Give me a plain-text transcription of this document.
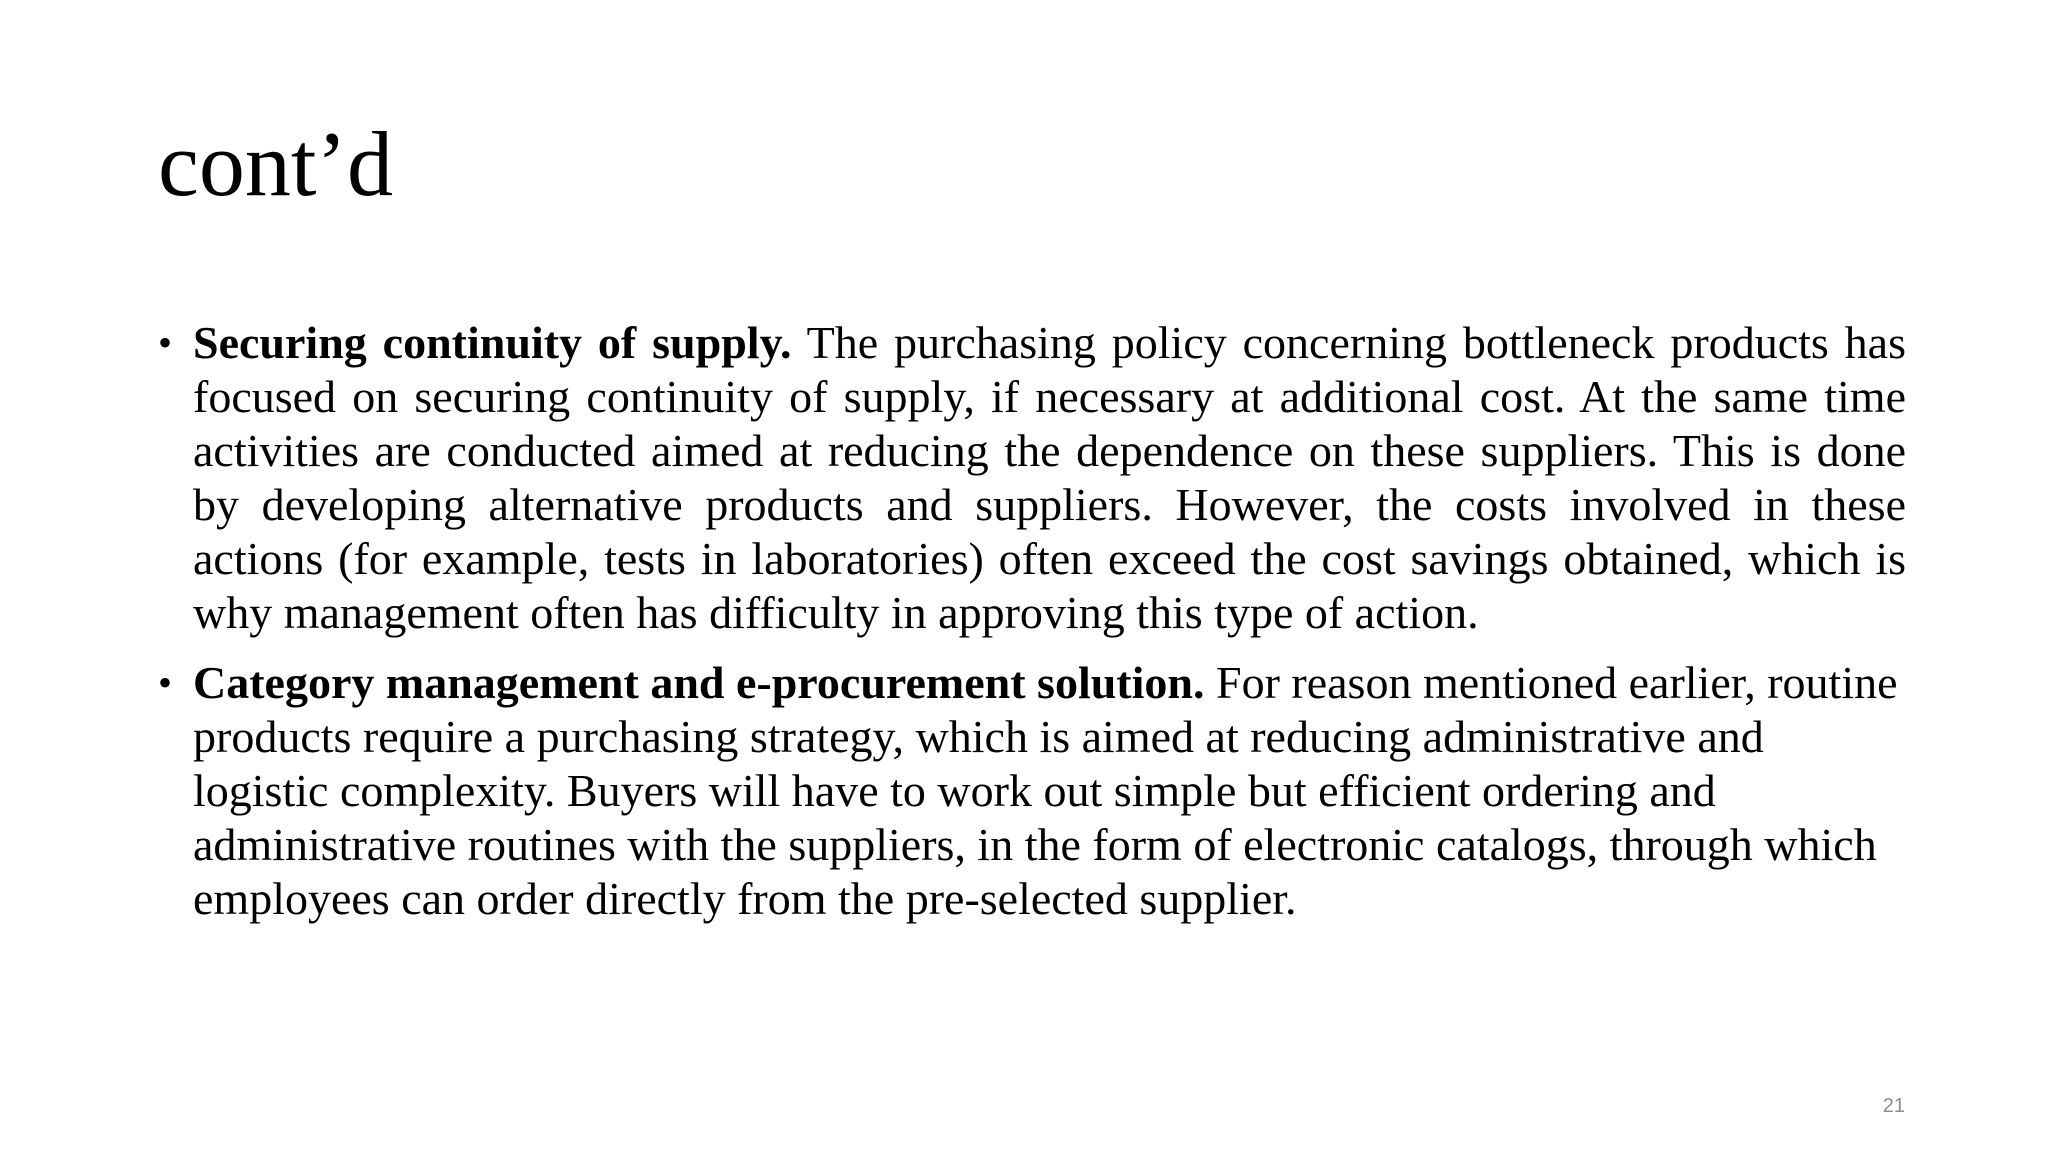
cont’d
• Securing continuity of supply. The purchasing policy concerning bottleneck products has focused on securing continuity of supply, if necessary at additional cost. At the same time activities are conducted aimed at reducing the dependence on these suppliers. This is done by developing alternative products and suppliers. However, the costs involved in these actions (for example, tests in laboratories) often exceed the cost savings obtained, which is why management often has difficulty in approving this type of action.
• Category management and e-procurement solution. For reason mentioned earlier, routine products require a purchasing strategy, which is aimed at reducing administrative and logistic complexity. Buyers will have to work out simple but efficient ordering and administrative routines with the suppliers, in the form of electronic catalogs, through which employees can order directly from the pre-selected supplier.
21
